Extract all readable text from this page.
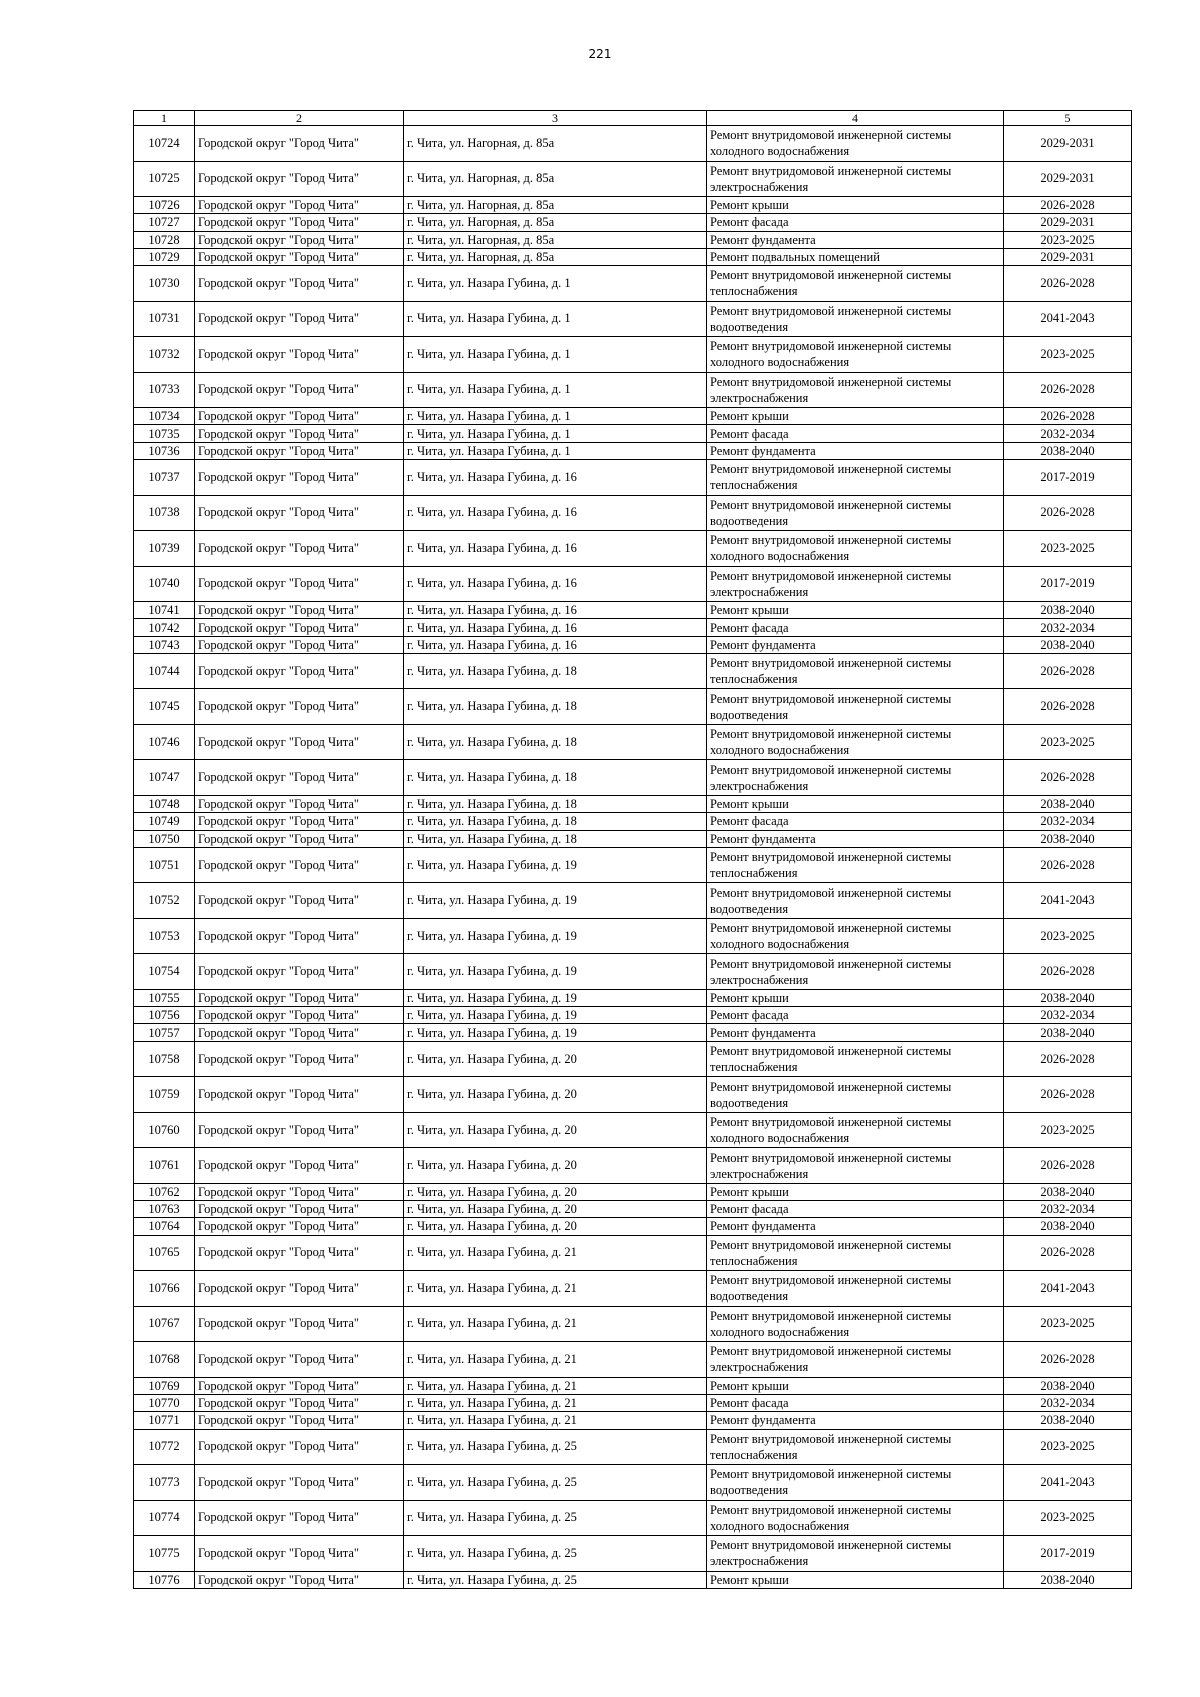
221
1	2	3	4	5
10724	Городской округ "Город Чита"	г. Чита, ул. Нагорная, д. 85а	Ремонт внутридомовой инженерной системы холодного водоснабжения	2029-2031
10725	Городской округ "Город Чита"	г. Чита, ул. Нагорная, д. 85а	Ремонт внутридомовой инженерной системы электроснабжения	2029-2031
10726	Городской округ "Город Чита"	г. Чита, ул. Нагорная, д. 85а	Ремонт крыши	2026-2028
10727	Городской округ "Город Чита"	г. Чита, ул. Нагорная, д. 85а	Ремонт фасада	2029-2031
10728	Городской округ "Город Чита"	г. Чита, ул. Нагорная, д. 85а	Ремонт фундамента	2023-2025
10729	Городской округ "Город Чита"	г. Чита, ул. Нагорная, д. 85а	Ремонт подвальных помещений	2029-2031
10730	Городской округ "Город Чита"	г. Чита, ул. Назара Губина, д. 1	Ремонт внутридомовой инженерной системы теплоснабжения	2026-2028
10731	Городской округ "Город Чита"	г. Чита, ул. Назара Губина, д. 1	Ремонт внутридомовой инженерной системы водоотведения	2041-2043
10732	Городской округ "Город Чита"	г. Чита, ул. Назара Губина, д. 1	Ремонт внутридомовой инженерной системы холодного водоснабжения	2023-2025
10733	Городской округ "Город Чита"	г. Чита, ул. Назара Губина, д. 1	Ремонт внутридомовой инженерной системы электроснабжения	2026-2028
10734	Городской округ "Город Чита"	г. Чита, ул. Назара Губина, д. 1	Ремонт крыши	2026-2028
10735	Городской округ "Город Чита"	г. Чита, ул. Назара Губина, д. 1	Ремонт фасада	2032-2034
10736	Городской округ "Город Чита"	г. Чита, ул. Назара Губина, д. 1	Ремонт фундамента	2038-2040
10737	Городской округ "Город Чита"	г. Чита, ул. Назара Губина, д. 16	Ремонт внутридомовой инженерной системы теплоснабжения	2017-2019
10738	Городской округ "Город Чита"	г. Чита, ул. Назара Губина, д. 16	Ремонт внутридомовой инженерной системы водоотведения	2026-2028
10739	Городской округ "Город Чита"	г. Чита, ул. Назара Губина, д. 16	Ремонт внутридомовой инженерной системы холодного водоснабжения	2023-2025
10740	Городской округ "Город Чита"	г. Чита, ул. Назара Губина, д. 16	Ремонт внутридомовой инженерной системы электроснабжения	2017-2019
10741	Городской округ "Город Чита"	г. Чита, ул. Назара Губина, д. 16	Ремонт крыши	2038-2040
10742	Городской округ "Город Чита"	г. Чита, ул. Назара Губина, д. 16	Ремонт фасада	2032-2034
10743	Городской округ "Город Чита"	г. Чита, ул. Назара Губина, д. 16	Ремонт фундамента	2038-2040
10744	Городской округ "Город Чита"	г. Чита, ул. Назара Губина, д. 18	Ремонт внутридомовой инженерной системы теплоснабжения	2026-2028
10745	Городской округ "Город Чита"	г. Чита, ул. Назара Губина, д. 18	Ремонт внутридомовой инженерной системы водоотведения	2026-2028
10746	Городской округ "Город Чита"	г. Чита, ул. Назара Губина, д. 18	Ремонт внутридомовой инженерной системы холодного водоснабжения	2023-2025
10747	Городской округ "Город Чита"	г. Чита, ул. Назара Губина, д. 18	Ремонт внутридомовой инженерной системы электроснабжения	2026-2028
10748	Городской округ "Город Чита"	г. Чита, ул. Назара Губина, д. 18	Ремонт крыши	2038-2040
10749	Городской округ "Город Чита"	г. Чита, ул. Назара Губина, д. 18	Ремонт фасада	2032-2034
10750	Городской округ "Город Чита"	г. Чита, ул. Назара Губина, д. 18	Ремонт фундамента	2038-2040
10751	Городской округ "Город Чита"	г. Чита, ул. Назара Губина, д. 19	Ремонт внутридомовой инженерной системы теплоснабжения	2026-2028
10752	Городской округ "Город Чита"	г. Чита, ул. Назара Губина, д. 19	Ремонт внутридомовой инженерной системы водоотведения	2041-2043
10753	Городской округ "Город Чита"	г. Чита, ул. Назара Губина, д. 19	Ремонт внутридомовой инженерной системы холодного водоснабжения	2023-2025
10754	Городской округ "Город Чита"	г. Чита, ул. Назара Губина, д. 19	Ремонт внутридомовой инженерной системы электроснабжения	2026-2028
10755	Городской округ "Город Чита"	г. Чита, ул. Назара Губина, д. 19	Ремонт крыши	2038-2040
10756	Городской округ "Город Чита"	г. Чита, ул. Назара Губина, д. 19	Ремонт фасада	2032-2034
10757	Городской округ "Город Чита"	г. Чита, ул. Назара Губина, д. 19	Ремонт фундамента	2038-2040
10758	Городской округ "Город Чита"	г. Чита, ул. Назара Губина, д. 20	Ремонт внутридомовой инженерной системы теплоснабжения	2026-2028
10759	Городской округ "Город Чита"	г. Чита, ул. Назара Губина, д. 20	Ремонт внутридомовой инженерной системы водоотведения	2026-2028
10760	Городской округ "Город Чита"	г. Чита, ул. Назара Губина, д. 20	Ремонт внутридомовой инженерной системы холодного водоснабжения	2023-2025
10761	Городской округ "Город Чита"	г. Чита, ул. Назара Губина, д. 20	Ремонт внутридомовой инженерной системы электроснабжения	2026-2028
10762	Городской округ "Город Чита"	г. Чита, ул. Назара Губина, д. 20	Ремонт крыши	2038-2040
10763	Городской округ "Город Чита"	г. Чита, ул. Назара Губина, д. 20	Ремонт фасада	2032-2034
10764	Городской округ "Город Чита"	г. Чита, ул. Назара Губина, д. 20	Ремонт фундамента	2038-2040
10765	Городской округ "Город Чита"	г. Чита, ул. Назара Губина, д. 21	Ремонт внутридомовой инженерной системы теплоснабжения	2026-2028
10766	Городской округ "Город Чита"	г. Чита, ул. Назара Губина, д. 21	Ремонт внутридомовой инженерной системы водоотведения	2041-2043
10767	Городской округ "Город Чита"	г. Чита, ул. Назара Губина, д. 21	Ремонт внутридомовой инженерной системы холодного водоснабжения	2023-2025
10768	Городской округ "Город Чита"	г. Чита, ул. Назара Губина, д. 21	Ремонт внутридомовой инженерной системы электроснабжения	2026-2028
10769	Городской округ "Город Чита"	г. Чита, ул. Назара Губина, д. 21	Ремонт крыши	2038-2040
10770	Городской округ "Город Чита"	г. Чита, ул. Назара Губина, д. 21	Ремонт фасада	2032-2034
10771	Городской округ "Город Чита"	г. Чита, ул. Назара Губина, д. 21	Ремонт фундамента	2038-2040
10772	Городской округ "Город Чита"	г. Чита, ул. Назара Губина, д. 25	Ремонт внутридомовой инженерной системы теплоснабжения	2023-2025
10773	Городской округ "Город Чита"	г. Чита, ул. Назара Губина, д. 25	Ремонт внутридомовой инженерной системы водоотведения	2041-2043
10774	Городской округ "Город Чита"	г. Чита, ул. Назара Губина, д. 25	Ремонт внутридомовой инженерной системы холодного водоснабжения	2023-2025
10775	Городской округ "Город Чита"	г. Чита, ул. Назара Губина, д. 25	Ремонт внутридомовой инженерной системы электроснабжения	2017-2019
10776	Городской округ "Город Чита"	г. Чита, ул. Назара Губина, д. 25	Ремонт крыши	2038-2040
